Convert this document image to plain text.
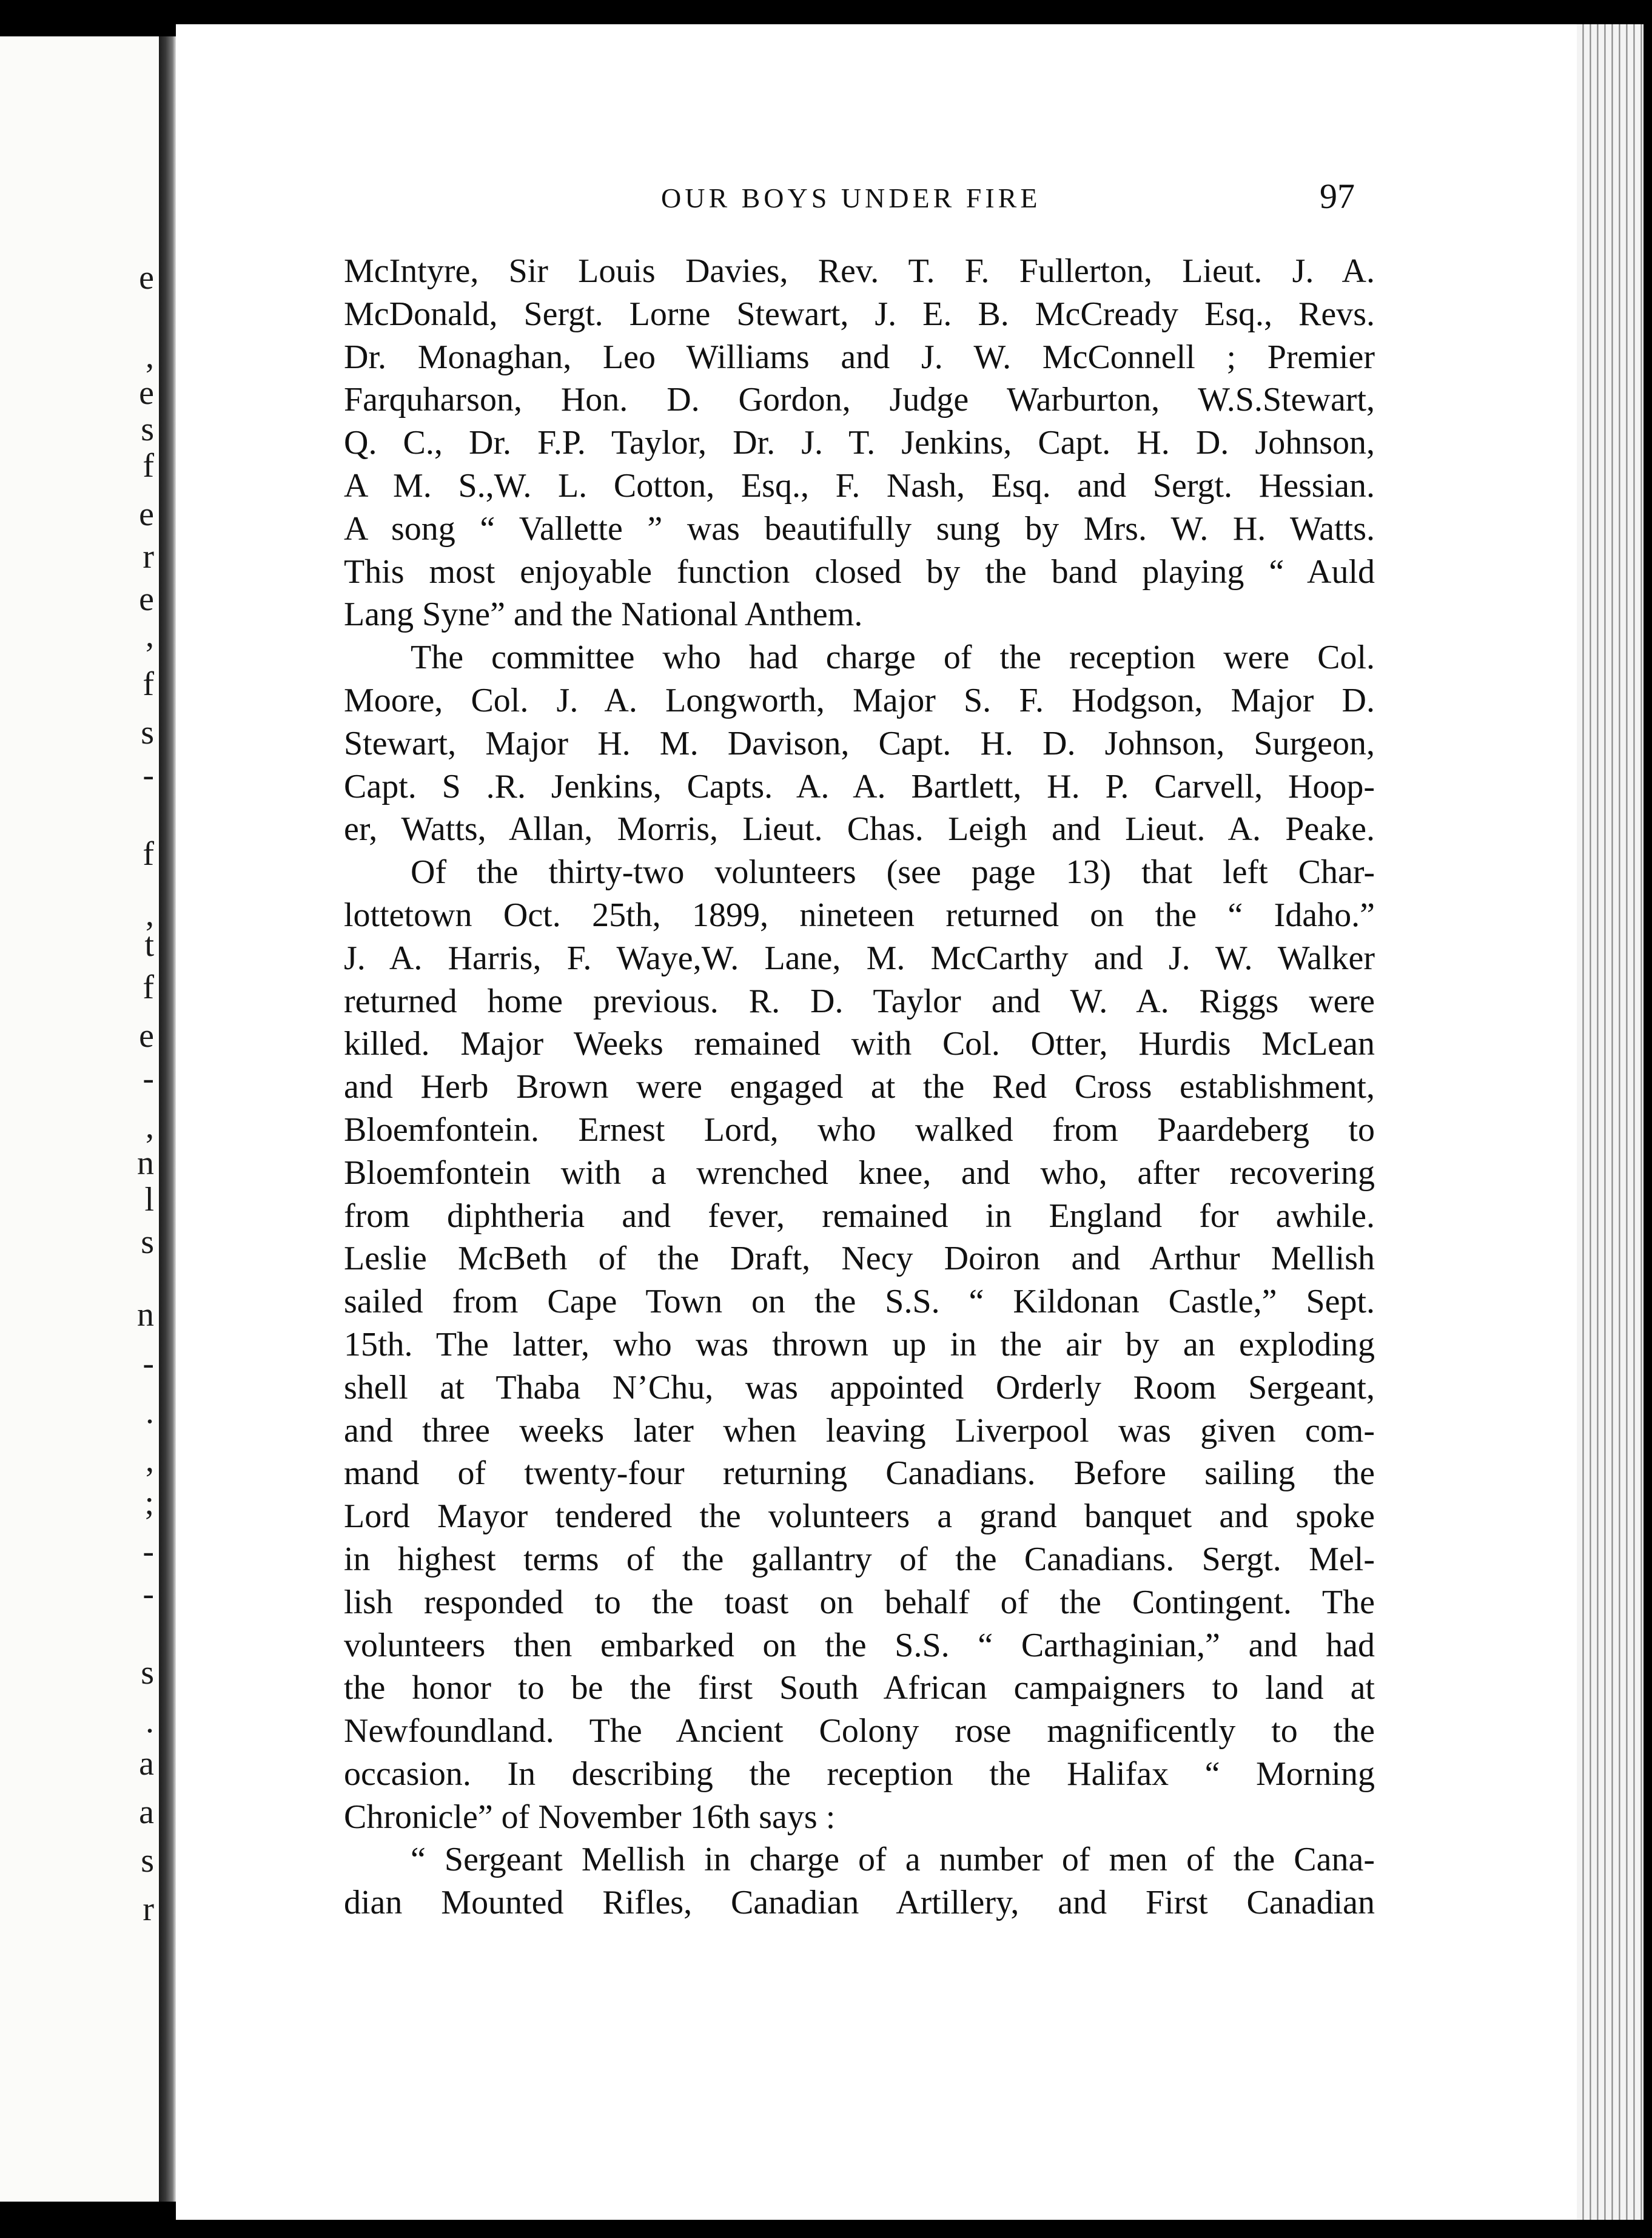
e
,
e
s
f
e
r
e
,
f
s
-
f
,
t
f
e
-
,
n
l
s
n
-
.
,
;
-
-
s
.
a
a
s
r
OUR BOYS UNDER FIRE	97
McIntyre, Sir Louis Davies, Rev. T. F. Fullerton, Lieut. J. A.
McDonald, Sergt. Lorne Stewart, J. E. B. McCready Esq., Revs.
Dr. Monaghan, Leo Williams and J. W. McConnell ; Premier
Farquharson, Hon. D. Gordon, Judge Warburton, W.S.Stewart,
Q. C., Dr. F.P. Taylor, Dr. J. T. Jenkins, Capt. H. D. Johnson,
A M. S.,W. L. Cotton, Esq., F. Nash, Esq. and Sergt. Hessian.
A song “ Vallette ” was beautifully sung by Mrs. W. H. Watts.
This most enjoyable function closed by the band playing “ Auld
Lang Syne” and the National Anthem.
The committee who had charge of the reception were Col.
Moore, Col. J. A. Longworth, Major S. F. Hodgson, Major D.
Stewart, Major H. M. Davison, Capt. H. D. Johnson, Surgeon,
Capt. S .R. Jenkins, Capts. A. A. Bartlett, H. P. Carvell, Hoop-
er, Watts, Allan, Morris, Lieut. Chas. Leigh and Lieut. A. Peake.
Of the thirty-two volunteers (see page 13) that left Char-
lottetown Oct. 25th, 1899, nineteen returned on the “ Idaho.”
J. A. Harris, F. Waye,W. Lane, M. McCarthy and J. W. Walker
returned home previous. R. D. Taylor and W. A. Riggs were
killed. Major Weeks remained with Col. Otter, Hurdis McLean
and Herb Brown were engaged at the Red Cross establishment,
Bloemfontein. Ernest Lord, who walked from Paardeberg to
Bloemfontein with a wrenched knee, and who, after recovering
from diphtheria and fever, remained in England for awhile.
Leslie McBeth of the Draft, Necy Doiron and Arthur Mellish
sailed from Cape Town on the S.S. “ Kildonan Castle,” Sept.
15th. The latter, who was thrown up in the air by an exploding
shell at Thaba N’Chu, was appointed Orderly Room Sergeant,
and three weeks later when leaving Liverpool was given com-
mand of twenty-four returning Canadians. Before sailing the
Lord Mayor tendered the volunteers a grand banquet and spoke
in highest terms of the gallantry of the Canadians. Sergt. Mel-
lish responded to the toast on behalf of the Contingent. The
volunteers then embarked on the S.S. “ Carthaginian,” and had
the honor to be the first South African campaigners to land at
Newfoundland. The Ancient Colony rose magnificently to the
occasion. In describing the reception the Halifax “ Morning
Chronicle” of November 16th says :
“ Sergeant Mellish in charge of a number of men of the Cana-
dian Mounted Rifles, Canadian Artillery, and First Canadian
